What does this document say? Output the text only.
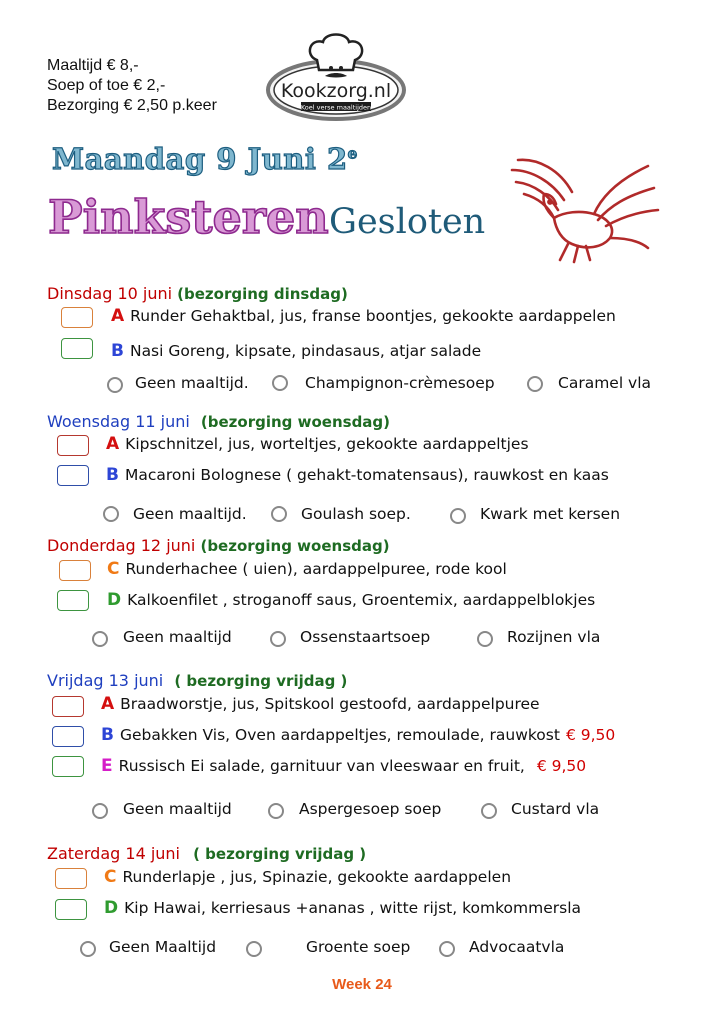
Maaltijd € 8,-
Soep of toe € 2,-
Bezorging € 2,50 p.keer
Kookzorg.nl
Koel verse maaltijden
Maandag 9 Juni 2e
Pinksteren Gesloten
Dinsdag 10 juni (bezorging dinsdag)
A Runder Gehaktbal, jus, franse boontjes, gekookte aardappelen
B Nasi Goreng, kipsate, pindasaus, atjar salade
Geen maaltijd.	Champignon-crèmesoep	Caramel vla
Woensdag 11 juni (bezorging woensdag)
A Kipschnitzel, jus, worteltjes, gekookte aardappeltjes
B Macaroni Bolognese ( gehakt-tomatensaus), rauwkost en kaas
Geen maaltijd.	Goulash soep.	Kwark met kersen
Donderdag 12 juni (bezorging woensdag)
C Runderhachee ( uien), aardappelpuree, rode kool
D Kalkoenfilet , stroganoff saus, Groentemix, aardappelblokjes
Geen maaltijd	Ossenstaartsoep	Rozijnen vla
Vrijdag 13 juni ( bezorging vrijdag )
A Braadworstje, jus, Spitskool gestoofd, aardappelpuree
B Gebakken Vis, Oven aardappeltjes, remoulade, rauwkost € 9,50
E Russisch Ei salade, garnituur van vleeswaar en fruit, € 9,50
Geen maaltijd	Aspergesoep soep	Custard vla
Zaterdag 14 juni ( bezorging vrijdag )
C Runderlapje , jus, Spinazie, gekookte aardappelen
D Kip Hawai, kerriesaus +ananas , witte rijst, komkommersla
Geen Maaltijd	Groente soep	Advocaatvla
Week 24
